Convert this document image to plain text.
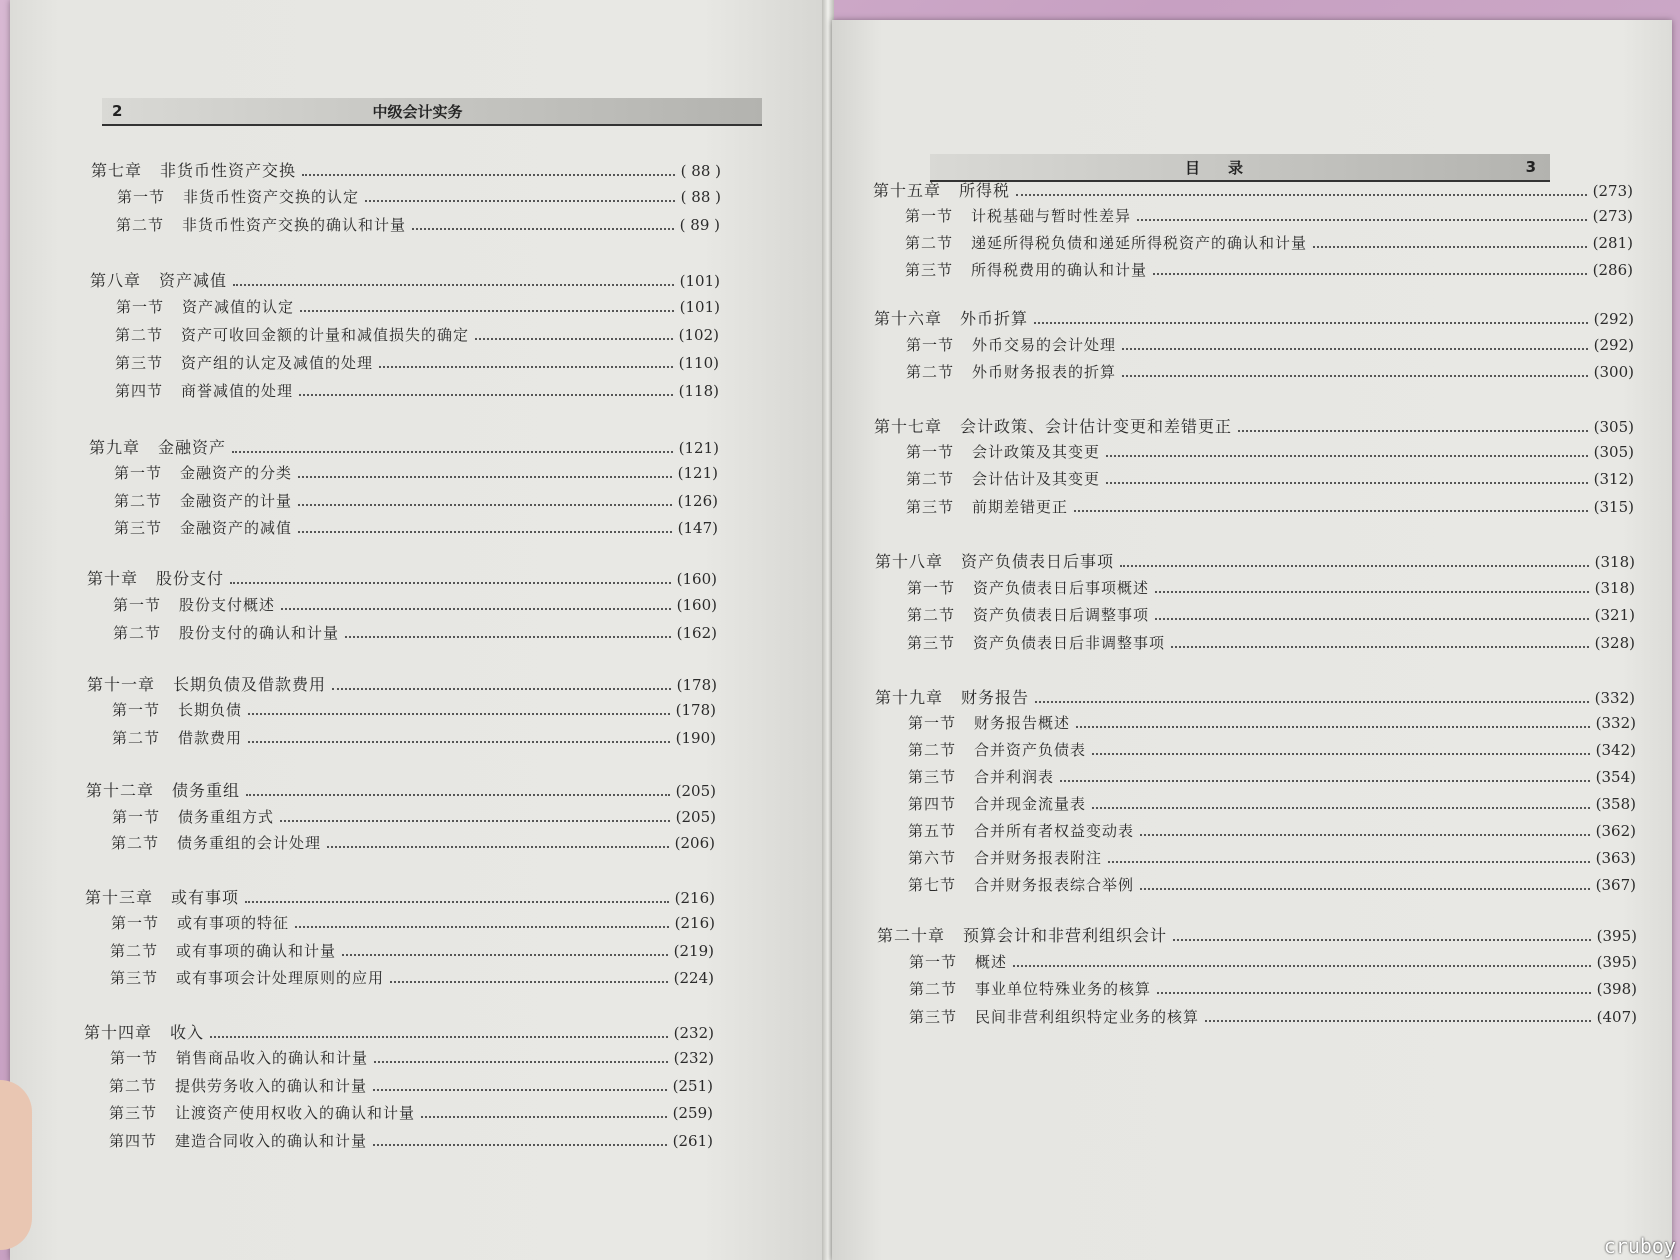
2	中级会计实务
第七章 非货币性资产交换	( 88 )
第一节 非货币性资产交换的认定	( 88 )
第二节 非货币性资产交换的确认和计量	( 89 )
第八章 资产减值	(101)
第一节 资产减值的认定	(101)
第二节 资产可收回金额的计量和减值损失的确定	(102)
第三节 资产组的认定及减值的处理	(110)
第四节 商誉减值的处理	(118)
第九章 金融资产	(121)
第一节 金融资产的分类	(121)
第二节 金融资产的计量	(126)
第三节 金融资产的减值	(147)
第十章 股份支付	(160)
第一节 股份支付概述	(160)
第二节 股份支付的确认和计量	(162)
第十一章 长期负债及借款费用	(178)
第一节 长期负债	(178)
第二节 借款费用	(190)
第十二章 债务重组	(205)
第一节 债务重组方式	(205)
第二节 债务重组的会计处理	(206)
第十三章 或有事项	(216)
第一节 或有事项的特征	(216)
第二节 或有事项的确认和计量	(219)
第三节 或有事项会计处理原则的应用	(224)
第十四章 收入	(232)
第一节 销售商品收入的确认和计量	(232)
第二节 提供劳务收入的确认和计量	(251)
第三节 让渡资产使用权收入的确认和计量	(259)
第四节 建造合同收入的确认和计量	(261)
目录	3
第十五章 所得税	(273)
第一节 计税基础与暂时性差异	(273)
第二节 递延所得税负债和递延所得税资产的确认和计量	(281)
第三节 所得税费用的确认和计量	(286)
第十六章 外币折算	(292)
第一节 外币交易的会计处理	(292)
第二节 外币财务报表的折算	(300)
第十七章 会计政策、会计估计变更和差错更正	(305)
第一节 会计政策及其变更	(305)
第二节 会计估计及其变更	(312)
第三节 前期差错更正	(315)
第十八章 资产负债表日后事项	(318)
第一节 资产负债表日后事项概述	(318)
第二节 资产负债表日后调整事项	(321)
第三节 资产负债表日后非调整事项	(328)
第十九章 财务报告	(332)
第一节 财务报告概述	(332)
第二节 合并资产负债表	(342)
第三节 合并利润表	(354)
第四节 合并现金流量表	(358)
第五节 合并所有者权益变动表	(362)
第六节 合并财务报表附注	(363)
第七节 合并财务报表综合举例	(367)
第二十章 预算会计和非营利组织会计	(395)
第一节 概述	(395)
第二节 事业单位特殊业务的核算	(398)
第三节 民间非营利组织特定业务的核算	(407)
cruboy
